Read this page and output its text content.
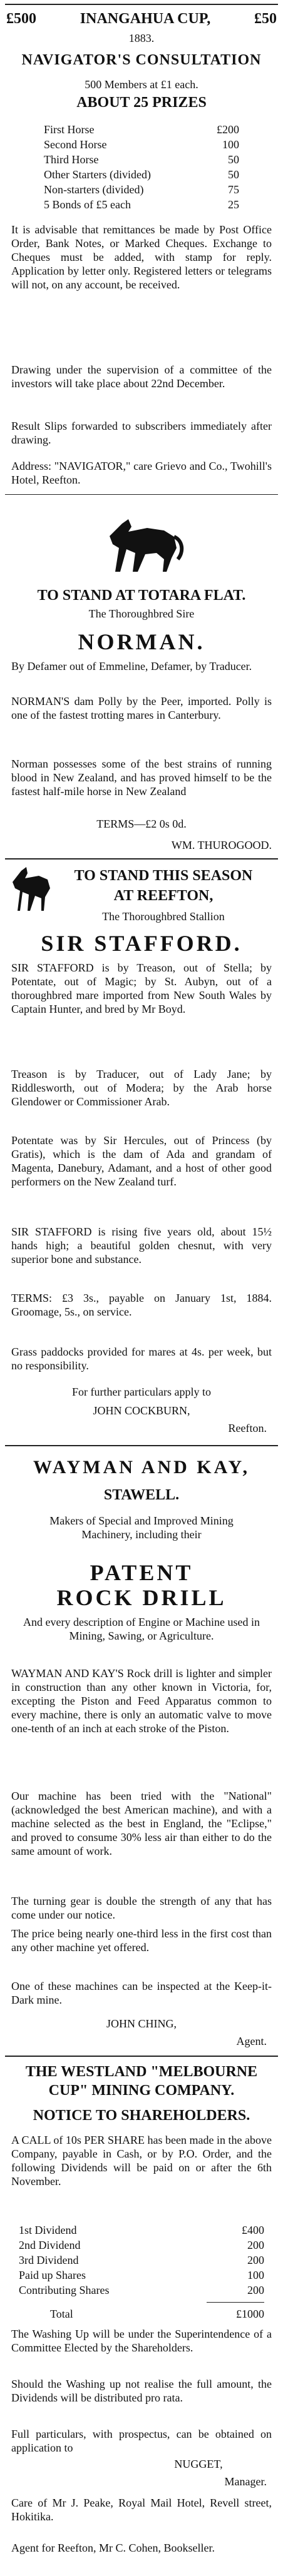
£500	INANGAHUA CUP,	£50
1883.
NAVIGATOR'S CONSULTATION
500 Members at £1 each.
ABOUT 25 PRIZES
First Horse	£200
Second Horse	100
Third Horse	50
Other Starters (divided)	50
Non-starters (divided)	75
5 Bonds of £5 each	25
It is advisable that remittances be made by Post Office Order, Bank Notes, or Marked Cheques. Exchange to Cheques must be added, with stamp for reply. Application by letter only. Registered letters or telegrams will not, on any account, be received.
Drawing under the supervision of a committee of the investors will take place about 22nd December.
Result Slips forwarded to subscribers immediately after drawing.
Address: "NAVIGATOR," care Grievo and Co., Twohill's Hotel, Reefton.
TO STAND AT TOTARA FLAT.
The Thoroughbred Sire
NORMAN.
By Defamer out of Emmeline, Defamer, by Traducer.
NORMAN'S dam Polly by the Peer, imported. Polly is one of the fastest trotting mares in Canterbury.
Norman possesses some of the best strains of running blood in New Zealand, and has proved himself to be the fastest half-mile horse in New Zealand
TERMS—£2 0s 0d.
WM. THUROGOOD.
TO STAND THIS SEASON
AT REEFTON,
The Thoroughbred Stallion
SIR STAFFORD.
SIR STAFFORD is by Treason, out of Stella; by Potentate, out of Magic; by St. Aubyn, out of a thoroughbred mare imported from New South Wales by Captain Hunter, and bred by Mr Boyd.
Treason is by Traducer, out of Lady Jane; by Riddlesworth, out of Modera; by the Arab horse Glendower or Commissioner Arab.
Potentate was by Sir Hercules, out of Princess (by Gratis), which is the dam of Ada and grandam of Magenta, Danebury, Adamant, and a host of other good performers on the New Zealand turf.
SIR STAFFORD is rising five years old, about 15½ hands high; a beautiful golden chesnut, with very superior bone and substance.
TERMS: £3 3s., payable on January 1st, 1884. Groomage, 5s., on service.
Grass paddocks provided for mares at 4s. per week, but no responsibility.
For further particulars apply to
JOHN COCKBURN,
Reefton.
WAYMAN AND KAY,
STAWELL.
Makers of Special and Improved Mining Machinery, including their
PATENT
ROCK DRILL
And every description of Engine or Machine used in Mining, Sawing, or Agriculture.
WAYMAN AND KAY'S Rock drill is lighter and simpler in construction than any other known in Victoria, for, excepting the Piston and Feed Apparatus common to every machine, there is only an automatic valve to move one-tenth of an inch at each stroke of the Piston.
Our machine has been tried with the "National" (acknowledged the best American machine), and with a machine selected as the best in England, the "Eclipse," and proved to consume 30% less air than either to do the same amount of work.
The turning gear is double the strength of any that has come under our notice.
The price being nearly one-third less in the first cost than any other machine yet offered.
One of these machines can be inspected at the Keep-it-Dark mine.
JOHN CHING,
Agent.
THE WESTLAND "MELBOURNE
CUP" MINING COMPANY.
NOTICE TO SHAREHOLDERS.
A CALL of 10s PER SHARE has been made in the above Company, payable in Cash, or by P.O. Order, and the following Dividends will be paid on or after the 6th November.
1st Dividend	£400
2nd Dividend	200
3rd Dividend	200
Paid up Shares	100
Contributing Shares	200
Total	£1000
The Washing Up will be under the Superintendence of a Committee Elected by the Shareholders.
Should the Washing up not realise the full amount, the Dividends will be distributed pro rata.
Full particulars, with prospectus, can be obtained on application to
NUGGET,
Manager.
Care of Mr J. Peake, Royal Mail Hotel, Revell street, Hokitika.
Agent for Reefton, Mr C. Cohen, Bookseller.
